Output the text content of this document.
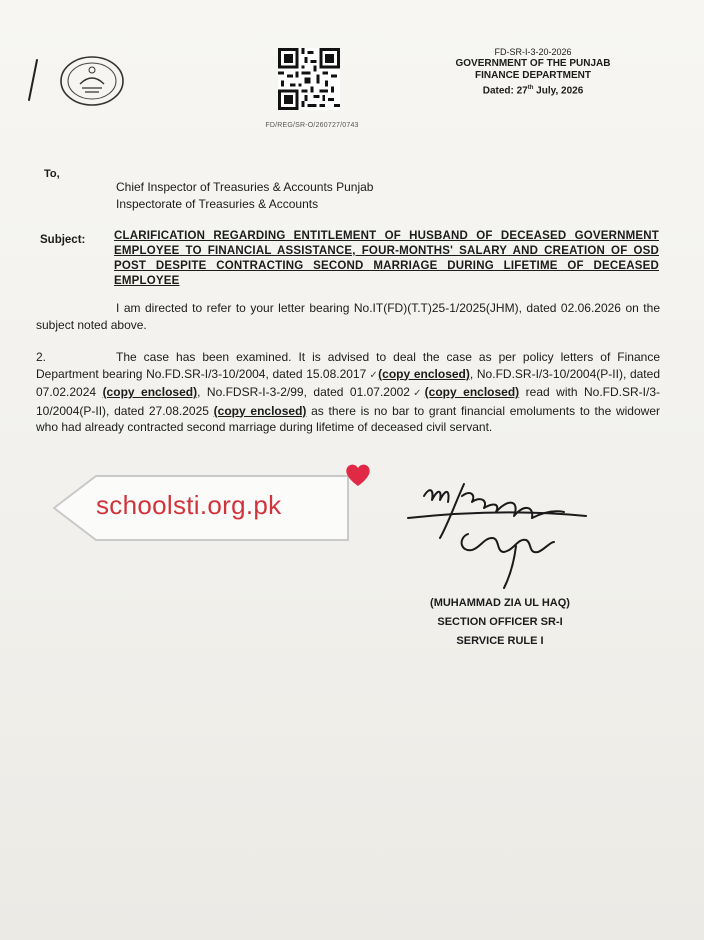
FD/REG/SR-O/260727/0743
FD-SR-I-3-20-2026
GOVERNMENT OF THE PUNJAB
FINANCE DEPARTMENT
Dated: 27th July, 2026
To,
Chief Inspector of Treasuries & Accounts Punjab
Inspectorate of Treasuries & Accounts
Subject: CLARIFICATION REGARDING ENTITLEMENT OF HUSBAND OF DECEASED GOVERNMENT EMPLOYEE TO FINANCIAL ASSISTANCE, FOUR-MONTHS' SALARY AND CREATION OF OSD POST DESPITE CONTRACTING SECOND MARRIAGE DURING LIFETIME OF DECEASED EMPLOYEE
I am directed to refer to your letter bearing No.IT(FD)(T.T)25-1/2025(JHM), dated 02.06.2026 on the subject noted above.
2.	The case has been examined. It is advised to deal the case as per policy letters of Finance Department bearing No.FD.SR-I/3-10/2004, dated 15.08.2017 ✓(copy enclosed), No.FD.SR-I/3-10/2004(P-II), dated 07.02.2024 (copy enclosed), No.FDSR-I-3-2/99, dated 01.07.2002✓(copy enclosed) read with No.FD.SR-I/3-10/2004(P-II), dated 27.08.2025 (copy enclosed) as there is no bar to grant financial emoluments to the widower who had already contracted second marriage during lifetime of deceased civil servant.
schoolsti.org.pk
(MUHAMMAD ZIA UL HAQ)
SECTION OFFICER SR-I
SERVICE RULE I
